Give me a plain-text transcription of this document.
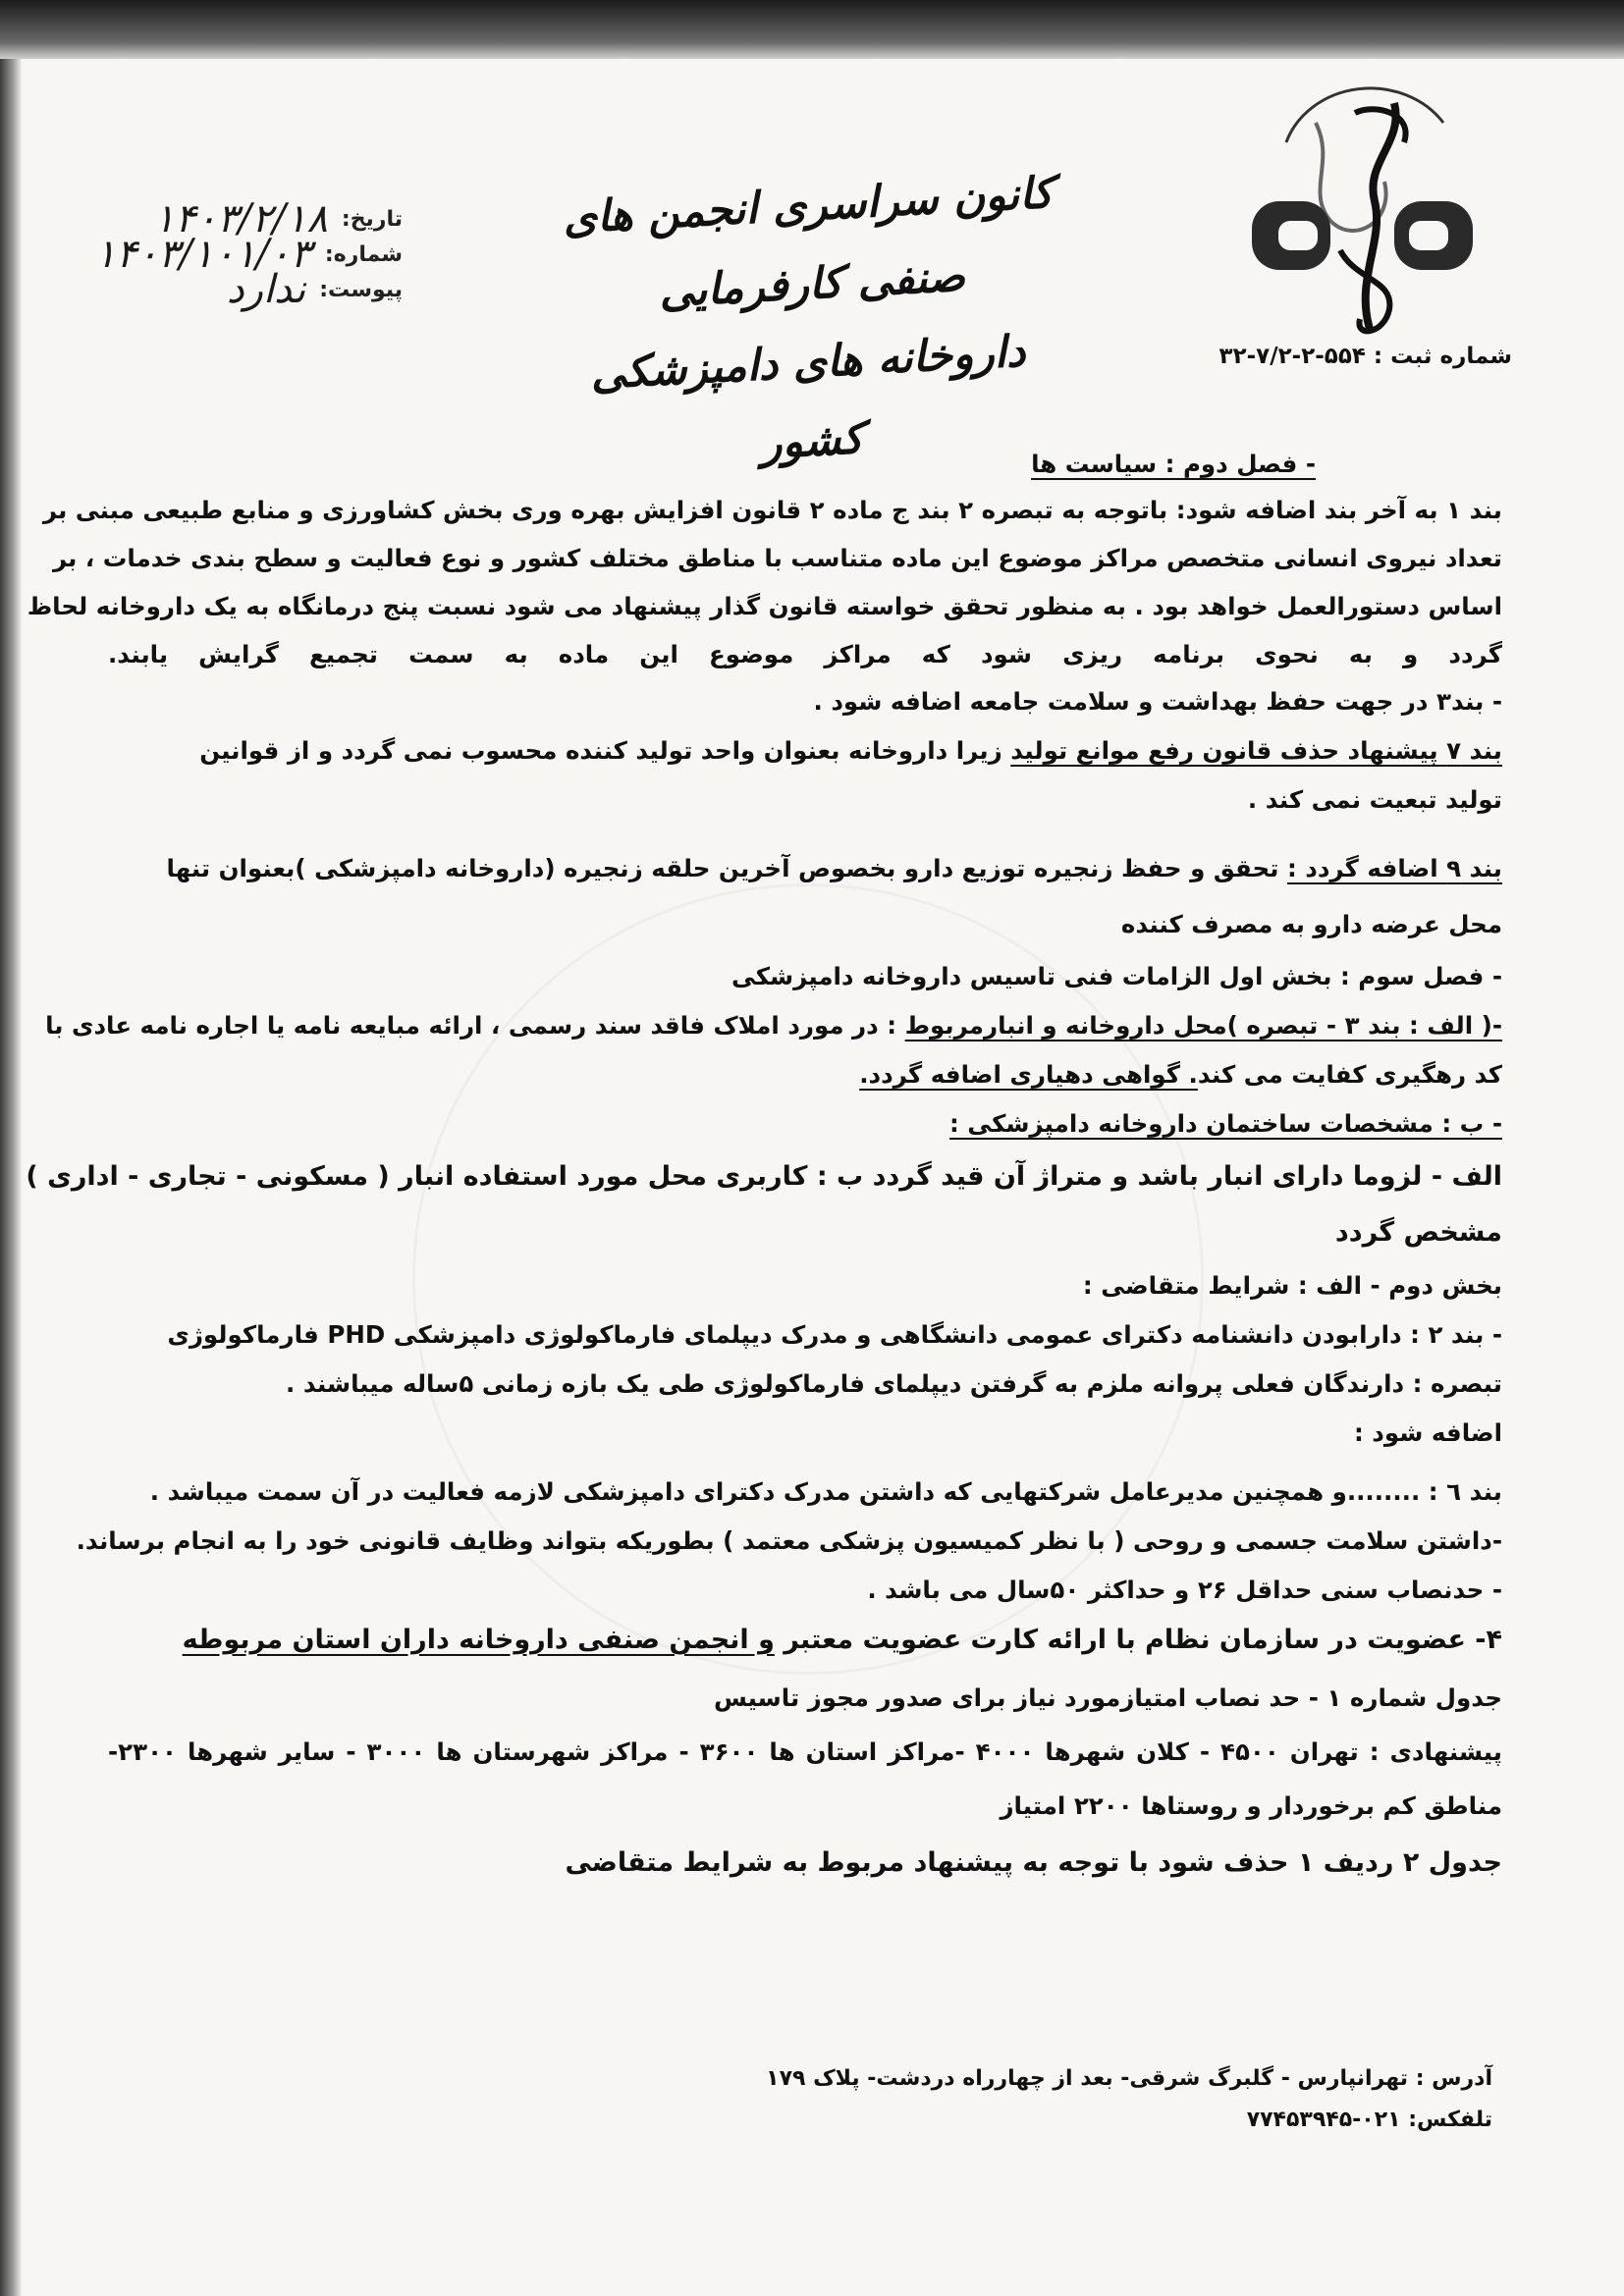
شماره ثبت : ۵۵۴-۲-۷/۲-۳۲
کانون سراسری انجمن های صنفی کارفرمایی
داروخانه های دامپزشکی کشور
تاریخ:
۱۴۰۳/۲/۱۸
شماره:
۱۴۰۳/۱۰۱/۰۳
پیوست:
ندارد
- فصل دوم : سیاست ها
بند ۱ به آخر بند اضافه شود: باتوجه به تبصره ۲ بند ج ماده ۲ قانون افزایش بهره وری بخش کشاورزی و منابع طبیعی مبنی بر
تعداد نیروی انسانی متخصص مراکز موضوع این ماده متناسب با مناطق مختلف کشور و نوع فعالیت و سطح بندی خدمات ، بر
اساس دستورالعمل خواهد بود . به منظور تحقق خواسته قانون گذار پیشنهاد می شود نسبت پنج درمانگاه به یک داروخانه لحاظ
گردد و به نحوی برنامه ریزی شود که مراکز موضوع این ماده به سمت تجمیع گرایش یابند.
- بند۳ در جهت حفظ بهداشت و سلامت جامعه اضافه شود .
بند ۷ پیشنهاد حذف قانون رفع موانع تولید زیرا داروخانه بعنوان واحد تولید کننده محسوب نمی گردد و از قوانین
تولید تبعیت نمی کند .
بند ۹ اضافه گردد : تحقق و حفظ زنجیره توزیع دارو بخصوص آخرین حلقه زنجیره (داروخانه دامپزشکی )بعنوان تنها
محل عرضه دارو به مصرف کننده
- فصل سوم : بخش اول الزامات فنی تاسیس داروخانه دامپزشکی
-( الف : بند ۳ - تبصره )محل داروخانه و انبارمربوط : در مورد املاک فاقد سند رسمی ، ارائه مبایعه نامه یا اجاره نامه عادی با
کد رهگیری کفایت می کند. گواهی دهیاری اضافه گردد.
- ب : مشخصات ساختمان داروخانه دامپزشکی :
الف - لزوما دارای انبار باشد و متراژ آن قید گردد ب : کاربری محل مورد استفاده انبار ( مسکونی - تجاری - اداری )
مشخص گردد
بخش دوم - الف : شرایط متقاضی :
- بند ۲ : دارابودن دانشنامه دکترای عمومی دانشگاهی و مدرک دیپلمای فارماکولوژی دامپزشکی PHD فارماکولوژی
تبصره : دارندگان فعلی پروانه ملزم به گرفتن دیپلمای فارماکولوژی طی یک بازه زمانی ۵ساله میباشند .
اضافه شود :
بند ٦ : ........و همچنین مدیرعامل شرکتهایی که داشتن مدرک دکترای دامپزشکی لازمه فعالیت در آن سمت میباشد .
-داشتن سلامت جسمی و روحی ( با نظر کمیسیون پزشکی معتمد ) بطوریکه بتواند وظایف قانونی خود را به انجام برساند.
- حدنصاب سنی حداقل ۲۶ و حداکثر ۵۰سال می باشد .
۴- عضویت در سازمان نظام با ارائه کارت عضویت معتبر و انجمن صنفی داروخانه داران استان مربوطه
جدول شماره ۱ - حد نصاب امتیازمورد نیاز برای صدور مجوز تاسیس
پیشنهادی : تهران ۴۵۰۰ - کلان شهرها ۴۰۰۰ -مراکز استان ها ۳۶۰۰ - مراکز شهرستان ها ۳۰۰۰ - سایر شهرها ۲۳۰۰-
مناطق کم برخوردار و روستاها ۲۲۰۰ امتیاز
جدول ۲ ردیف ۱ حذف شود با توجه به پیشنهاد مربوط به شرایط متقاضی
آدرس : تهرانپارس - گلبرگ شرقی- بعد از چهارراه دردشت- پلاک ۱۷۹
تلفکس: ۰۲۱-۷۷۴۵۳۹۴۵
